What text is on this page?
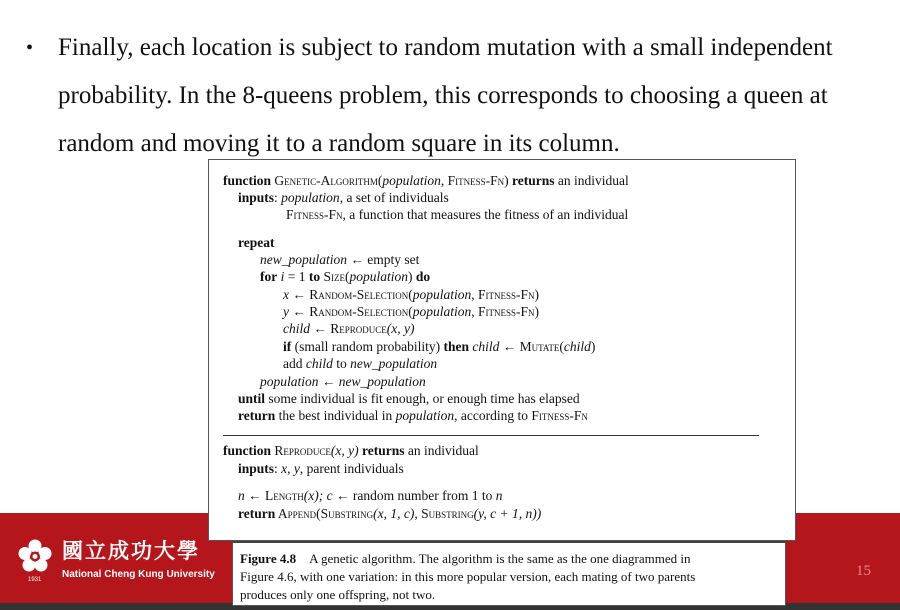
• Finally, each location is subject to random mutation with a small independent
probability. In the 8-queens problem, this corresponds to choosing a queen at
random and moving it to a random square in its column.
1931
國立成功大學
National Cheng Kung University	15
function Genetic-Algorithm(population, Fitness-Fn) returns an individual
inputs: population, a set of individuals
Fitness-Fn, a function that measures the fitness of an individual
repeat
new_population ← empty set
for i = 1 to Size(population) do
x ← Random-Selection(population, Fitness-Fn)
y ← Random-Selection(population, Fitness-Fn)
child ← Reproduce(x, y)
if (small random probability) then child ← Mutate(child)
add child to new_population
population ← new_population
until some individual is fit enough, or enough time has elapsed
return the best individual in population, according to Fitness-Fn
function Reproduce(x, y) returns an individual
inputs: x, y, parent individuals
n ← Length(x); c ← random number from 1 to n
return Append(Substring(x, 1, c), Substring(y, c + 1, n))
Figure 4.8 A genetic algorithm. The algorithm is the same as the one diagrammed in
Figure 4.6, with one variation: in this more popular version, each mating of two parents
produces only one offspring, not two.
